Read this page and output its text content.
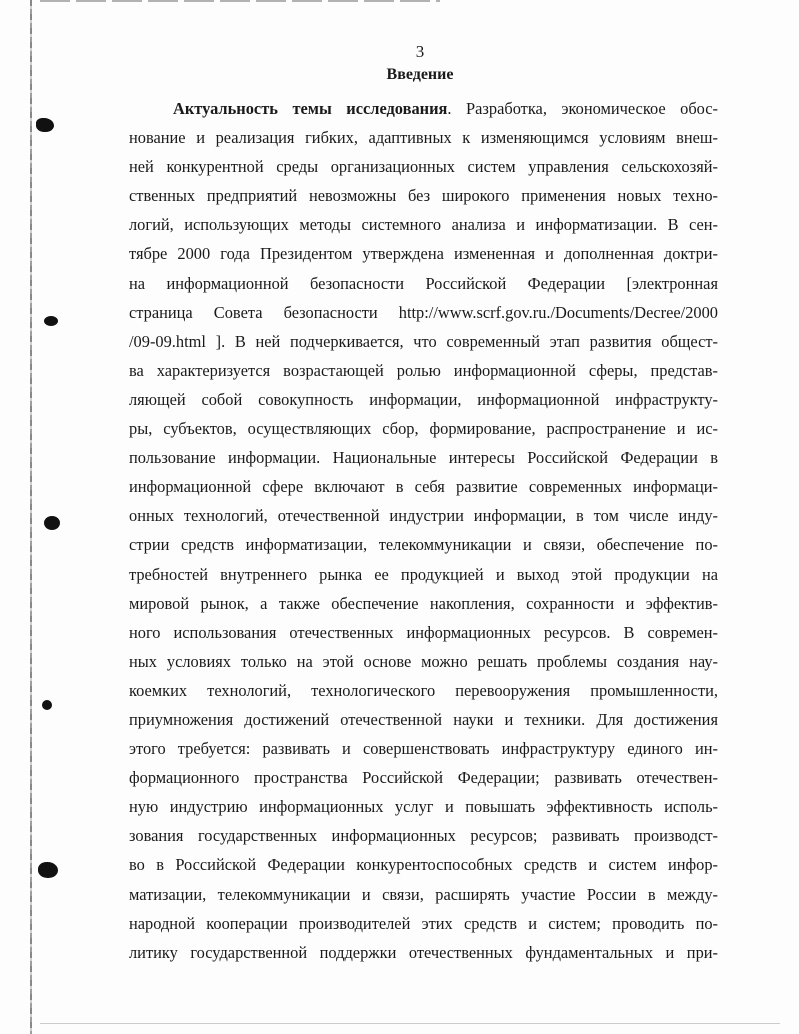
3
Введение
Актуальность темы исследования. Разработка, экономическое обос-
нование и реализация гибких, адаптивных к изменяющимся условиям внеш-
ней конкурентной среды организационных систем управления сельскохозяй-
ственных предприятий невозможны без широкого применения новых техно-
логий, использующих методы системного анализа и информатизации. В сен-
тябре 2000 года Президентом утверждена измененная и дополненная доктри-
на информационной безопасности Российской Федерации [электронная
страница Совета безопасности http://www.scrf.gov.ru./Documents/Decree/2000
/09-09.html ]. В ней подчеркивается, что современный этап развития общест-
ва характеризуется возрастающей ролью информационной сферы, представ-
ляющей собой совокупность информации, информационной инфраструкту-
ры, субъектов, осуществляющих сбор, формирование, распространение и ис-
пользование информации. Национальные интересы Российской Федерации в
информационной сфере включают в себя развитие современных информаци-
онных технологий, отечественной индустрии информации, в том числе инду-
стрии средств информатизации, телекоммуникации и связи, обеспечение по-
требностей внутреннего рынка ее продукцией и выход этой продукции на
мировой рынок, а также обеспечение накопления, сохранности и эффектив-
ного использования отечественных информационных ресурсов. В современ-
ных условиях только на этой основе можно решать проблемы создания нау-
коемких технологий, технологического перевооружения промышленности,
приумножения достижений отечественной науки и техники. Для достижения
этого требуется: развивать и совершенствовать инфраструктуру единого ин-
формационного пространства Российской Федерации; развивать отечествен-
ную индустрию информационных услуг и повышать эффективность исполь-
зования государственных информационных ресурсов; развивать производст-
во в Российской Федерации конкурентоспособных средств и систем инфор-
матизации, телекоммуникации и связи, расширять участие России в между-
народной кооперации производителей этих средств и систем; проводить по-
литику государственной поддержки отечественных фундаментальных и при-
